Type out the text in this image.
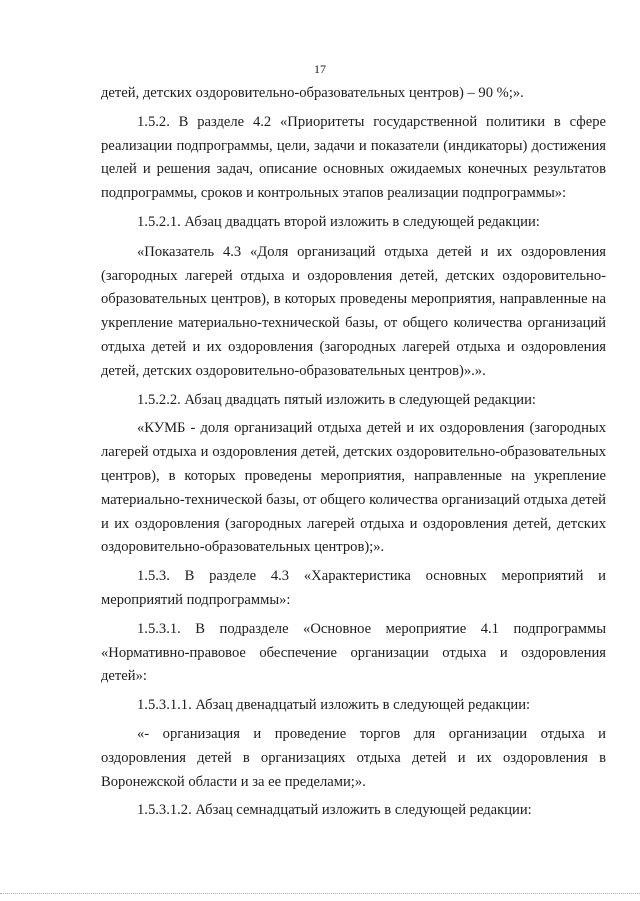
17

детей, детских оздоровительно-образовательных центров) – 90 %;».

1.5.2. В разделе 4.2 «Приоритеты государственной политики в сфере реализации подпрограммы, цели, задачи и показатели (индикаторы) достижения целей и решения задач, описание основных ожидаемых конечных результатов подпрограммы, сроков и контрольных этапов реализации подпрограммы»:

1.5.2.1. Абзац двадцать второй изложить в следующей редакции:

«Показатель 4.3 «Доля организаций отдыха детей и их оздоровления (загородных лагерей отдыха и оздоровления детей, детских оздоровительно-образовательных центров), в которых проведены мероприятия, направленные на укрепление материально-технической базы, от общего количества организаций отдыха детей и их оздоровления (загородных лагерей отдыха и оздоровления детей, детских оздоровительно-образовательных центров)».».

1.5.2.2. Абзац двадцать пятый изложить в следующей редакции:

«КУМБ - доля организаций отдыха детей и их оздоровления (загородных лагерей отдыха и оздоровления детей, детских оздоровительно-образовательных центров), в которых проведены мероприятия, направленные на укрепление материально-технической базы, от общего количества организаций отдыха детей и их оздоровления (загородных лагерей отдыха и оздоровления детей, детских оздоровительно-образовательных центров);».

1.5.3. В разделе 4.3 «Характеристика основных мероприятий и мероприятий подпрограммы»:

1.5.3.1. В подразделе «Основное мероприятие 4.1 подпрограммы «Нормативно-правовое обеспечение организации отдыха и оздоровления детей»:

1.5.3.1.1. Абзац двенадцатый изложить в следующей редакции:

«- организация и проведение торгов для организации отдыха и оздоровления детей в организациях отдыха детей и их оздоровления в Воронежской области и за ее пределами;».

1.5.3.1.2. Абзац семнадцатый изложить в следующей редакции:
